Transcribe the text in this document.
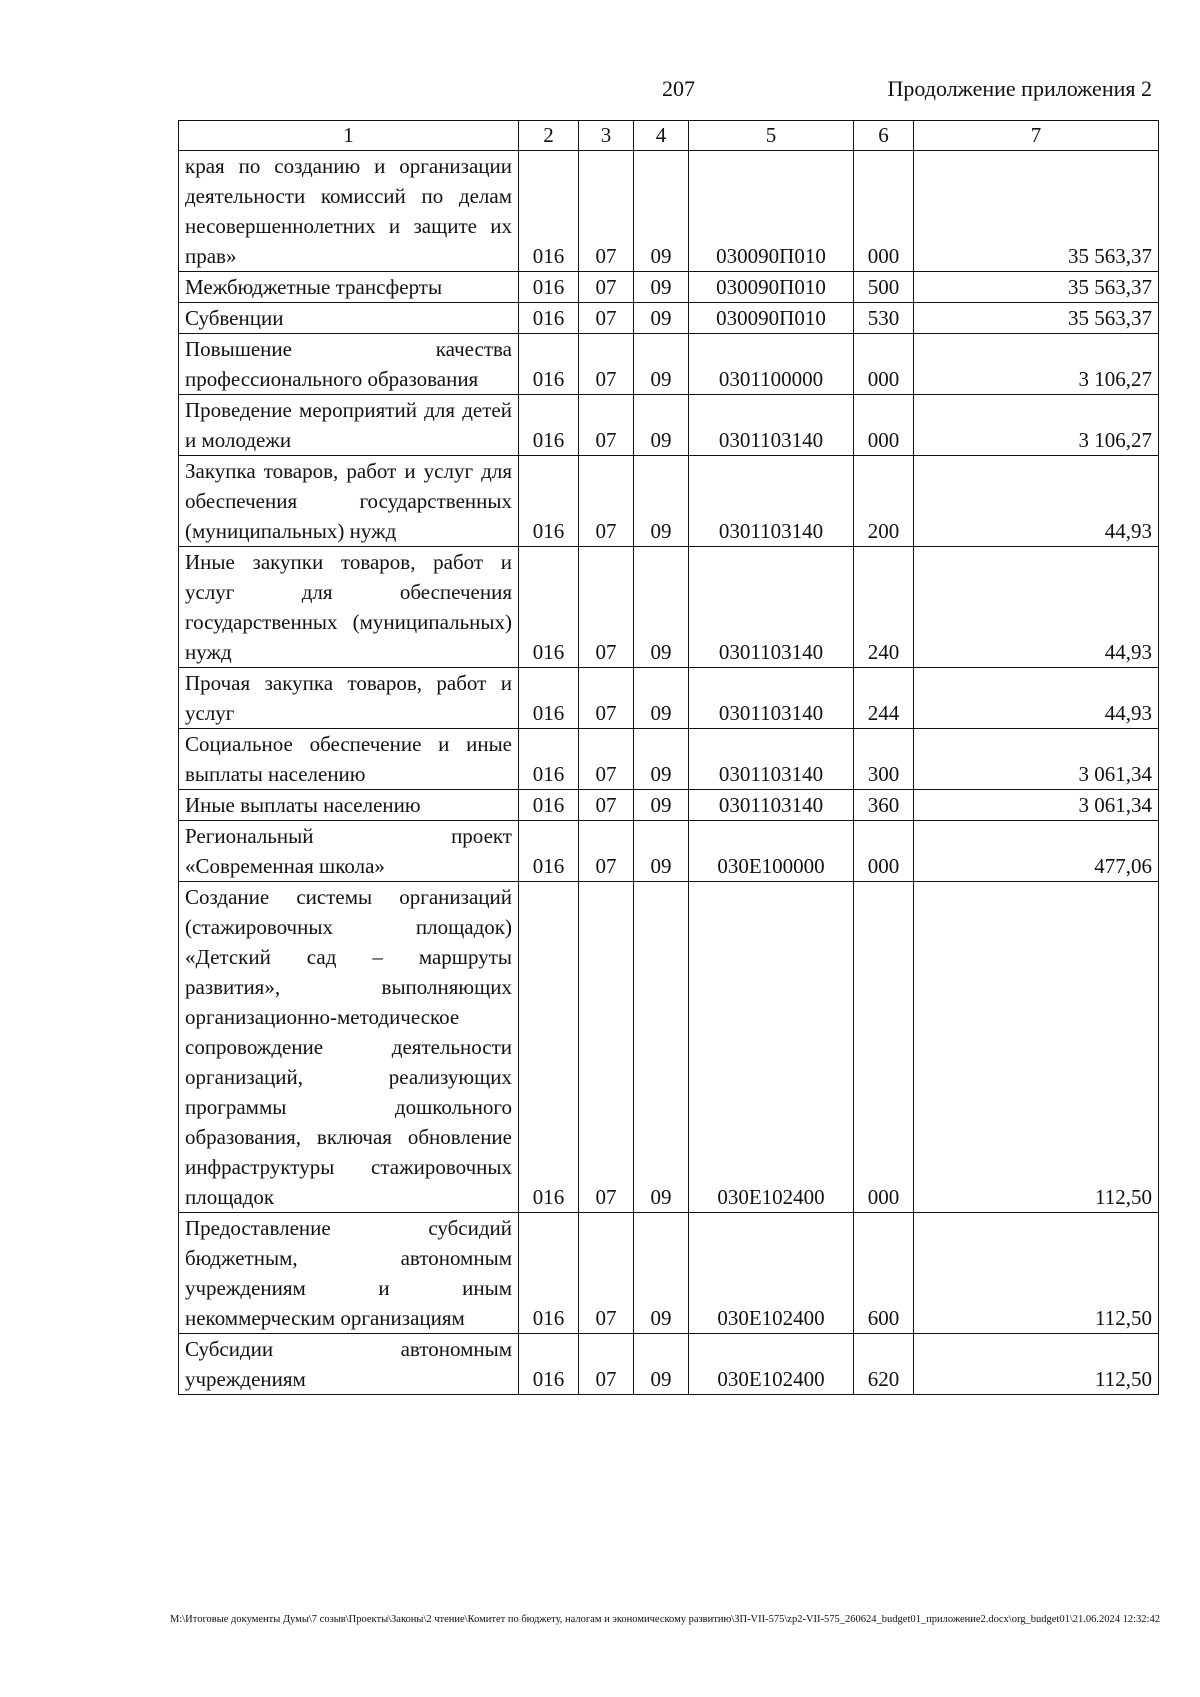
207	Продолжение приложения 2
1	2	3	4	5	6	7
края по созданию и организации деятельности комиссий по делам несовершеннолетних и защите их прав»	016	07	09	030090П010	000	35 563,37
Межбюджетные трансферты	016	07	09	030090П010	500	35 563,37
Субвенции	016	07	09	030090П010	530	35 563,37
Повышение качества профессионального образования	016	07	09	0301100000	000	3 106,27
Проведение мероприятий для детей и молодежи	016	07	09	0301103140	000	3 106,27
Закупка товаров, работ и услуг для обеспечения государственных (муниципальных) нужд	016	07	09	0301103140	200	44,93
Иные закупки товаров, работ и услуг для обеспечения государственных (муниципальных) нужд	016	07	09	0301103140	240	44,93
Прочая закупка товаров, работ и услуг	016	07	09	0301103140	244	44,93
Социальное обеспечение и иные выплаты населению	016	07	09	0301103140	300	3 061,34
Иные выплаты населению	016	07	09	0301103140	360	3 061,34
Региональный проект «Современная школа»	016	07	09	030E100000	000	477,06
Создание системы организаций (стажировочных площадок) «Детский сад – маршруты развития», выполняющих организационно-методическое сопровождение деятельности организаций, реализующих программы дошкольного образования, включая обновление инфраструктуры стажировочных площадок	016	07	09	030E102400	000	112,50
Предоставление субсидий бюджетным, автономным учреждениям и иным некоммерческим организациям	016	07	09	030E102400	600	112,50
Субсидии автономным учреждениям	016	07	09	030E102400	620	112,50
M:\Итоговые документы Думы\7 созыв\Проекты\Законы\2 чтение\Комитет по бюджету, налогам и экономическому развитию\ЗП-VII-575\zp2-VII-575_260624_budget01_приложение2.docx\org_budget01\21.06.2024 12:32:42
